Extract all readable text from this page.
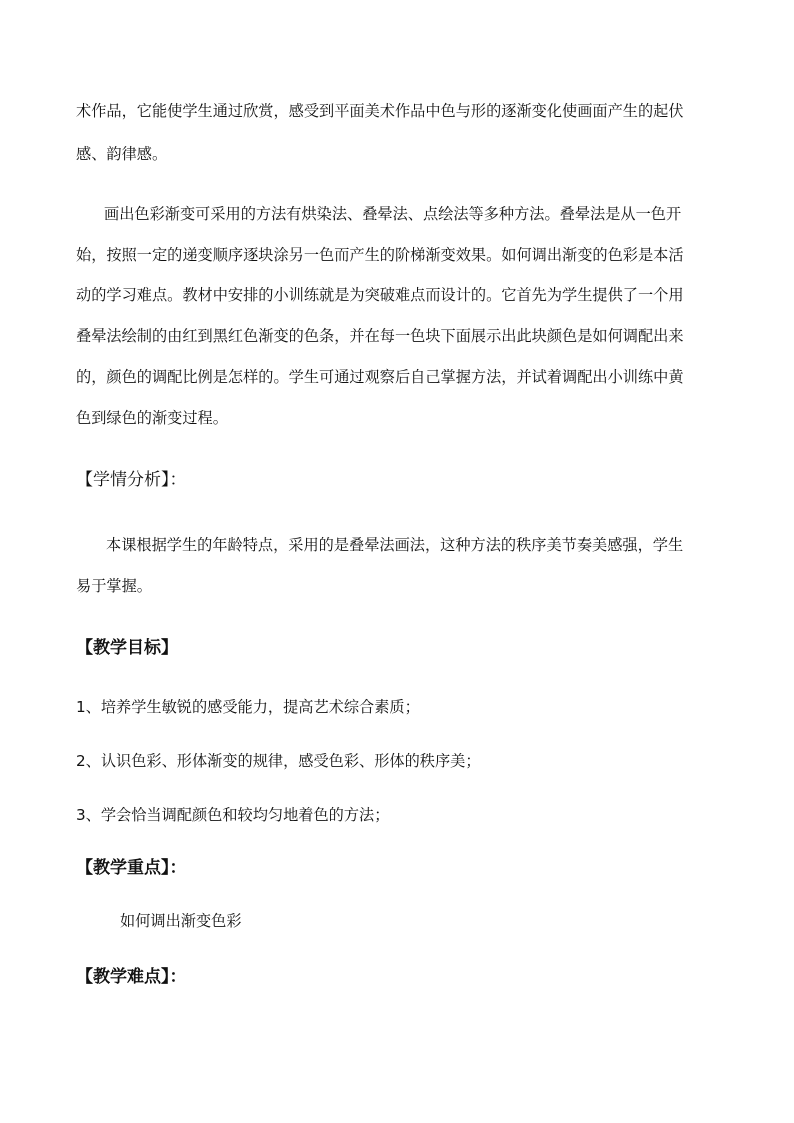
术作品，它能使学生通过欣赏，感受到平面美术作品中色与形的逐渐变化使画面产生的起伏
感、韵律感。
画出色彩渐变可采用的方法有烘染法、叠晕法、点绘法等多种方法。叠晕法是从一色开
始，按照一定的递变顺序逐块涂另一色而产生的阶梯渐变效果。如何调出渐变的色彩是本活
动的学习难点。教材中安排的小训练就是为突破难点而设计的。它首先为学生提供了一个用
叠晕法绘制的由红到黑红色渐变的色条，并在每一色块下面展示出此块颜色是如何调配出来
的，颜色的调配比例是怎样的。学生可通过观察后自己掌握方法，并试着调配出小训练中黄
色到绿色的渐变过程。
【学情分析】：
本课根据学生的年龄特点，采用的是叠晕法画法，这种方法的秩序美节奏美感强，学生
易于掌握。
【教学目标】
1、培养学生敏锐的感受能力，提高艺术综合素质；
2、认识色彩、形体渐变的规律，感受色彩、形体的秩序美；
3、学会恰当调配颜色和较均匀地着色的方法；
【教学重点】：
如何调出渐变色彩
【教学难点】：
